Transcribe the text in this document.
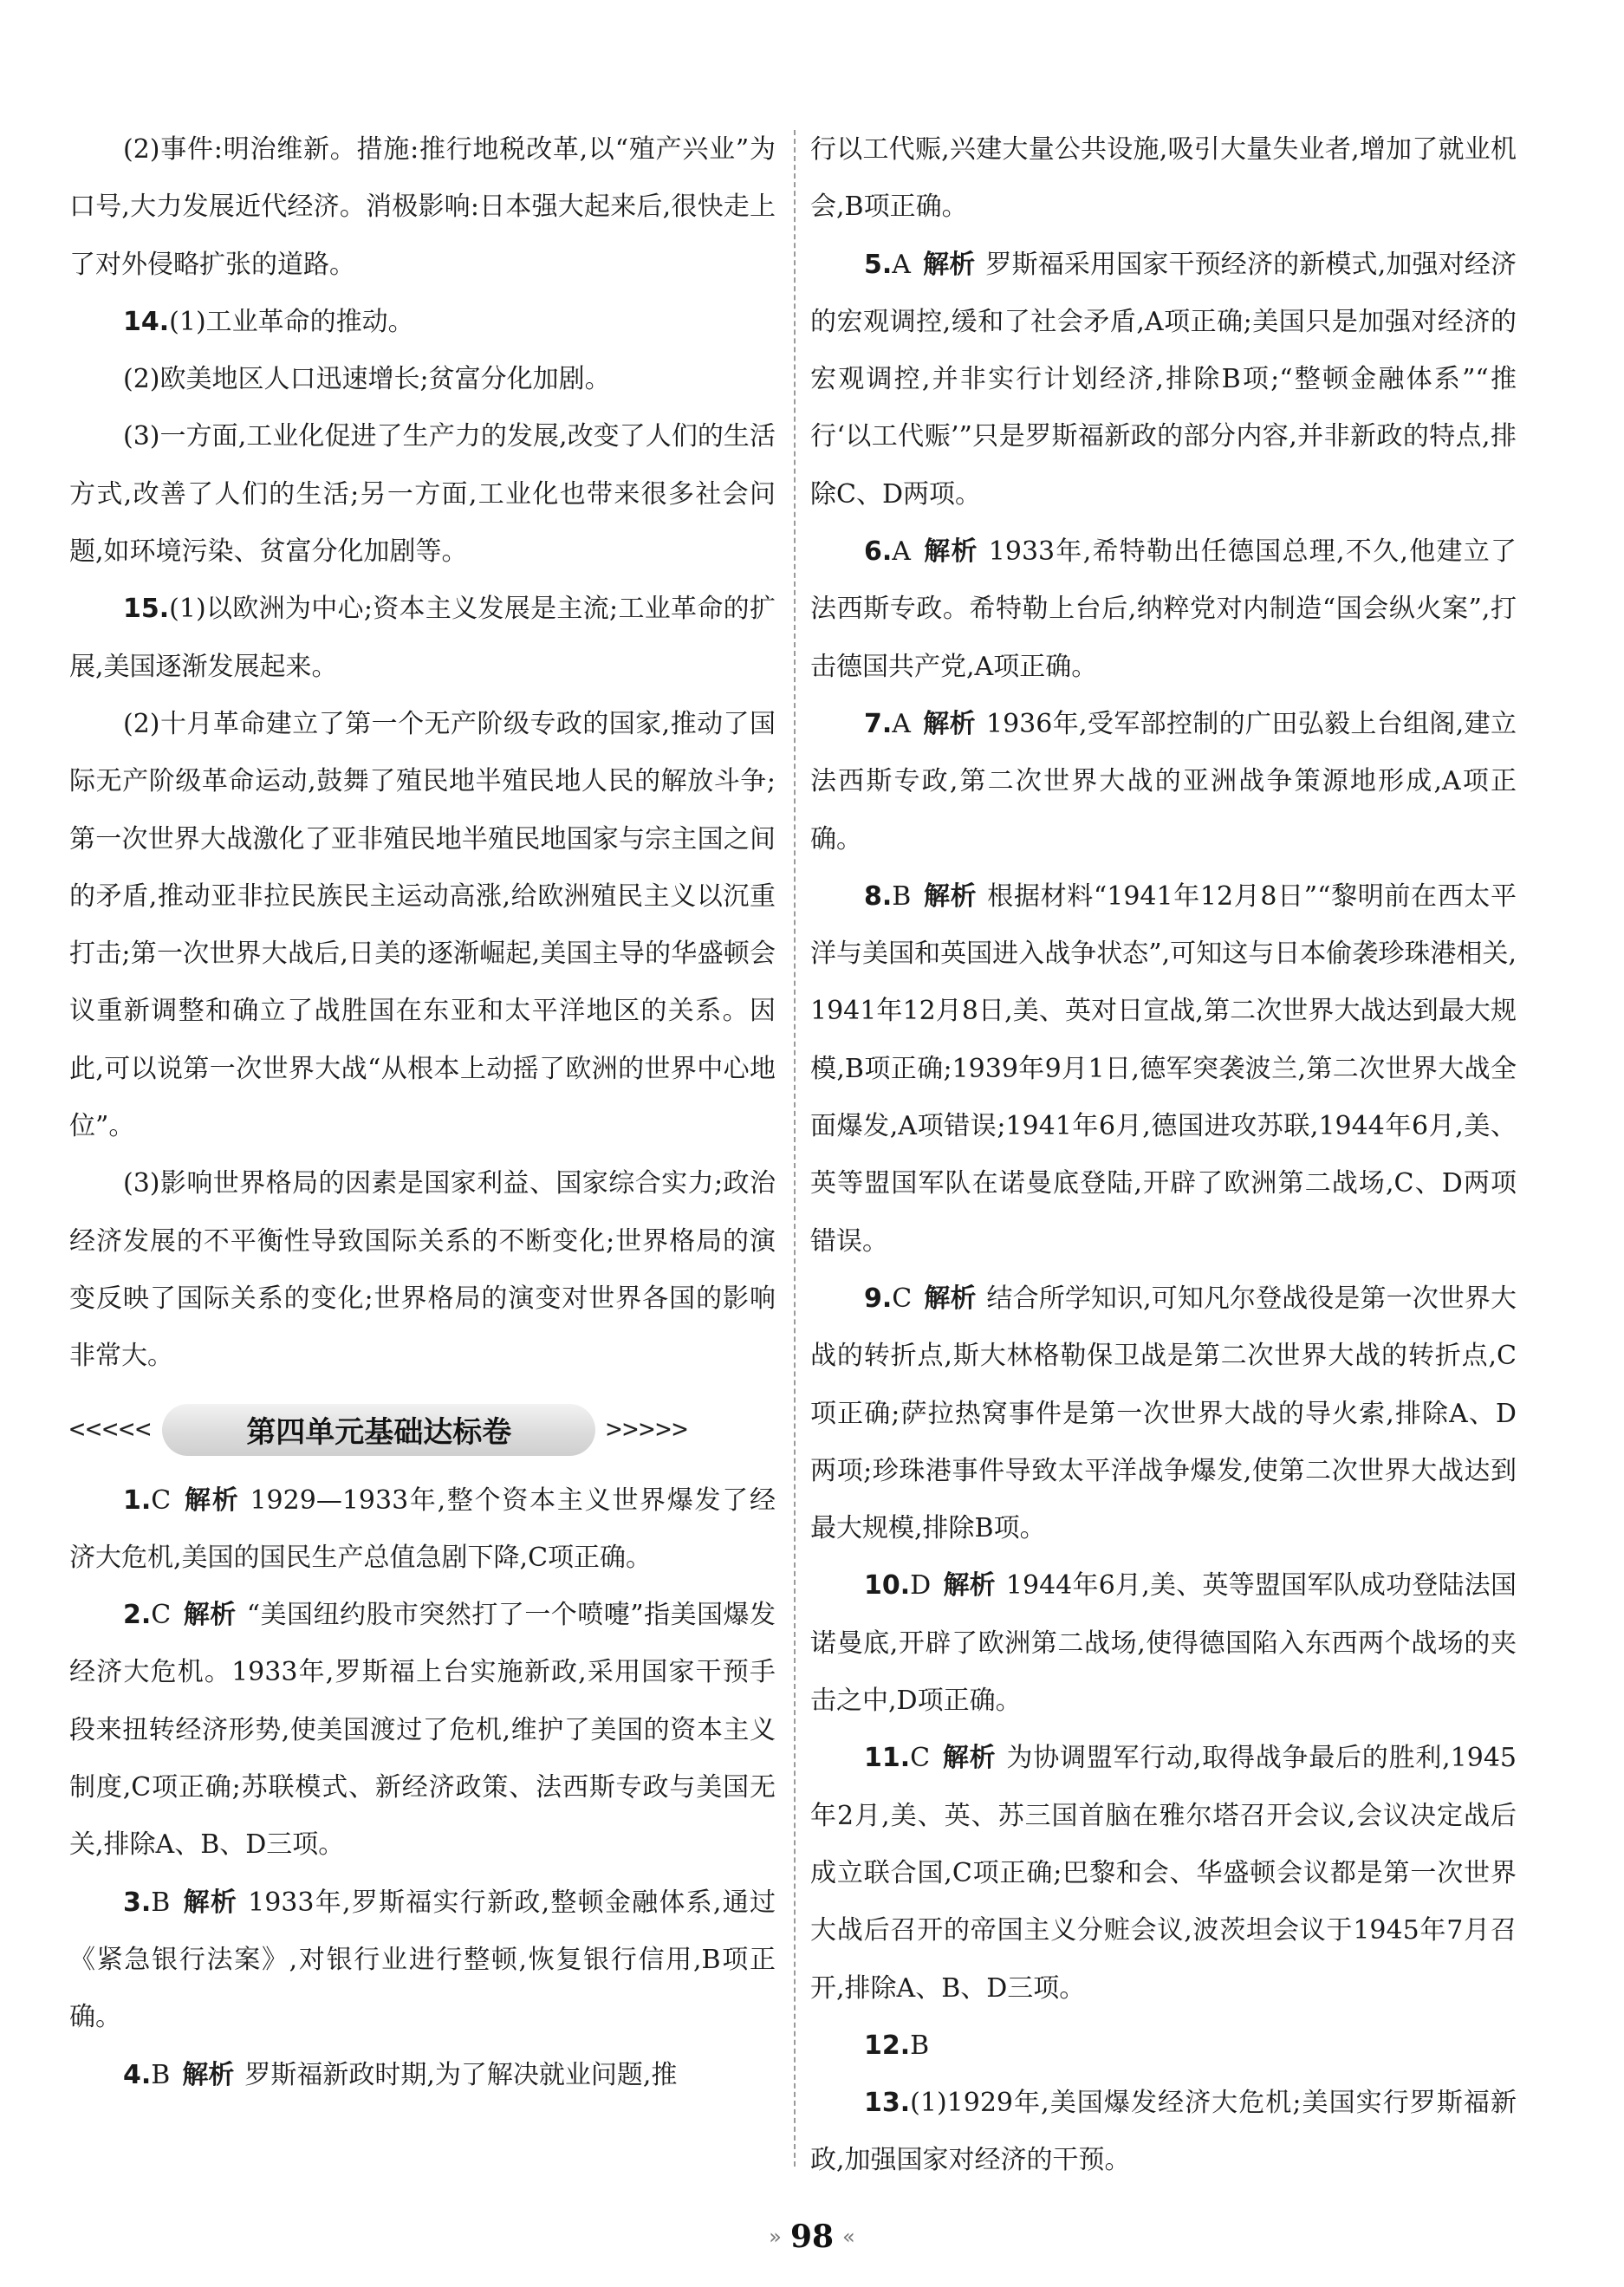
(2)事件:明治维新。措施:推行地税改革,以“殖产兴业”为口号,大力发展近代经济。消极影响:日本强大起来后,很快走上了对外侵略扩张的道路。

14.(1)工业革命的推动。

(2)欧美地区人口迅速增长;贫富分化加剧。

(3)一方面,工业化促进了生产力的发展,改变了人们的生活方式,改善了人们的生活;另一方面,工业化也带来很多社会问题,如环境污染、贫富分化加剧等。

15.(1)以欧洲为中心;资本主义发展是主流;工业革命的扩展,美国逐渐发展起来。

(2)十月革命建立了第一个无产阶级专政的国家,推动了国际无产阶级革命运动,鼓舞了殖民地半殖民地人民的解放斗争;第一次世界大战激化了亚非殖民地半殖民地国家与宗主国之间的矛盾,推动亚非拉民族民主运动高涨,给欧洲殖民主义以沉重打击;第一次世界大战后,日美的逐渐崛起,美国主导的华盛顿会议重新调整和确立了战胜国在东亚和太平洋地区的关系。因此,可以说第一次世界大战“从根本上动摇了欧洲的世界中心地位”。

(3)影响世界格局的因素是国家利益、国家综合实力;政治经济发展的不平衡性导致国际关系的不断变化;世界格局的演变反映了国际关系的变化;世界格局的演变对世界各国的影响非常大。

<<<<<	第四单元基础达标卷	>>>>>

1.C 解析 1929—1933年,整个资本主义世界爆发了经济大危机,美国的国民生产总值急剧下降,C项正确。

2.C 解析 “美国纽约股市突然打了一个喷嚏”指美国爆发经济大危机。1933年,罗斯福上台实施新政,采用国家干预手段来扭转经济形势,使美国渡过了危机,维护了美国的资本主义制度,C项正确;苏联模式、新经济政策、法西斯专政与美国无关,排除A、B、D三项。

3.B 解析 1933年,罗斯福实行新政,整顿金融体系,通过《紧急银行法案》,对银行业进行整顿,恢复银行信用,B项正确。

4.B 解析 罗斯福新政时期,为了解决就业问题,推

行以工代赈,兴建大量公共设施,吸引大量失业者,增加了就业机会,B项正确。

5.A 解析 罗斯福采用国家干预经济的新模式,加强对经济的宏观调控,缓和了社会矛盾,A项正确;美国只是加强对经济的宏观调控,并非实行计划经济,排除B项;“整顿金融体系”“推行‘以工代赈’”只是罗斯福新政的部分内容,并非新政的特点,排除C、D两项。

6.A 解析 1933年,希特勒出任德国总理,不久,他建立了法西斯专政。希特勒上台后,纳粹党对内制造“国会纵火案”,打击德国共产党,A项正确。

7.A 解析 1936年,受军部控制的广田弘毅上台组阁,建立法西斯专政,第二次世界大战的亚洲战争策源地形成,A项正确。

8.B 解析 根据材料“1941年12月8日”“黎明前在西太平洋与美国和英国进入战争状态”,可知这与日本偷袭珍珠港相关,1941年12月8日,美、英对日宣战,第二次世界大战达到最大规模,B项正确;1939年9月1日,德军突袭波兰,第二次世界大战全面爆发,A项错误;1941年6月,德国进攻苏联,1944年6月,美、英等盟国军队在诺曼底登陆,开辟了欧洲第二战场,C、D两项错误。

9.C 解析 结合所学知识,可知凡尔登战役是第一次世界大战的转折点,斯大林格勒保卫战是第二次世界大战的转折点,C项正确;萨拉热窝事件是第一次世界大战的导火索,排除A、D两项;珍珠港事件导致太平洋战争爆发,使第二次世界大战达到最大规模,排除B项。

10.D 解析 1944年6月,美、英等盟国军队成功登陆法国诺曼底,开辟了欧洲第二战场,使得德国陷入东西两个战场的夹击之中,D项正确。

11.C 解析 为协调盟军行动,取得战争最后的胜利,1945年2月,美、英、苏三国首脑在雅尔塔召开会议,会议决定战后成立联合国,C项正确;巴黎和会、华盛顿会议都是第一次世界大战后召开的帝国主义分赃会议,波茨坦会议于1945年7月召开,排除A、B、D三项。

12.B

13.(1)1929年,美国爆发经济大危机;美国实行罗斯福新政,加强国家对经济的干预。

» 98 «
